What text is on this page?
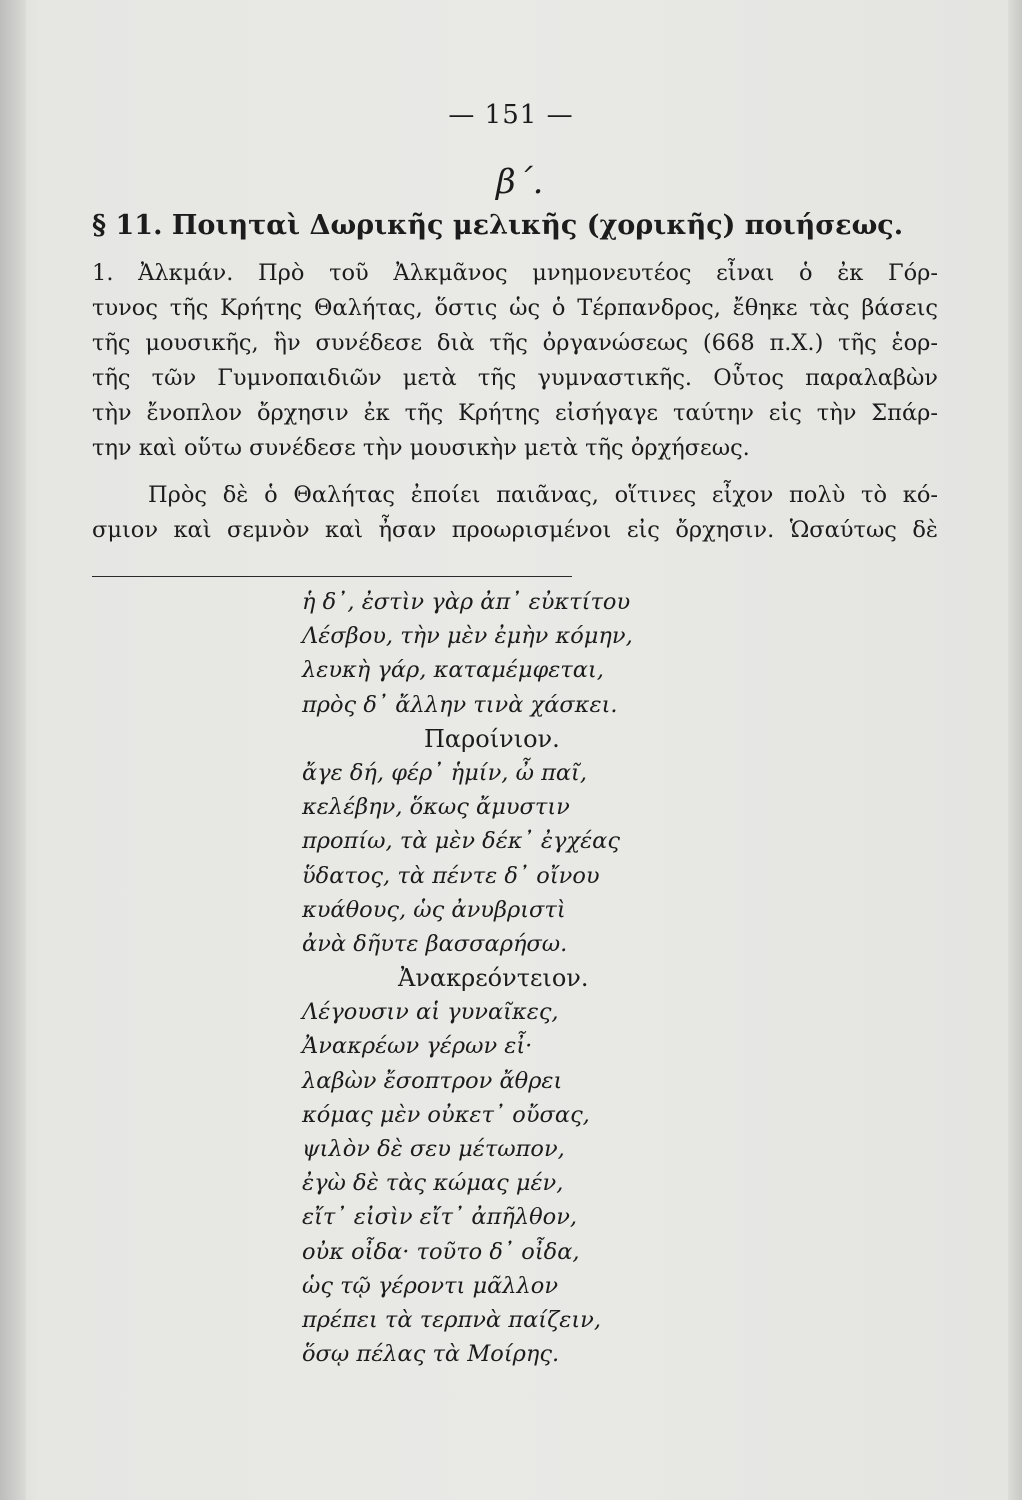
— 151 —
β´.
§ 11. Ποιηταὶ Δωρικῆς μελικῆς (χορικῆς) ποιήσεως.
1. Ἀλκμάν. Πρὸ τοῦ Ἀλκμᾶνος μνημονευτέος εἶναι ὁ ἐκ Γόρ-
τυνος τῆς Κρήτης Θαλήτας, ὅστις ὡς ὁ Τέρπανδρος, ἔθηκε τὰς βάσεις
τῆς μουσικῆς, ἣν συνέδεσε διὰ τῆς ὀργανώσεως (668 π.Χ.) τῆς ἑορ-
τῆς τῶν Γυμνοπαιδιῶν μετὰ τῆς γυμναστικῆς. Οὗτος παραλαβὼν
τὴν ἔνοπλον ὄρχησιν ἐκ τῆς Κρήτης εἰσήγαγε ταύτην εἰς τὴν Σπάρ-
την καὶ οὕτω συνέδεσε τὴν μουσικὴν μετὰ τῆς ὀρχήσεως.
Πρὸς δὲ ὁ Θαλήτας ἐποίει παιᾶνας, οἵτινες εἶχον πολὺ τὸ κό-
σμιον καὶ σεμνὸν καὶ ἦσαν προωρισμένοι εἰς ὄρχησιν. Ὡσαύτως δὲ
ἡ δ᾽, ἐστὶν γὰρ ἀπ᾽ εὐκτίτου
Λέσβου, τὴν μὲν ἐμὴν κόμην,
λευκὴ γάρ, καταμέμφεται,
πρὸς δ᾽ ἄλλην τινὰ χάσκει.
Παροίνιον.
ἄγε δή, φέρ᾽ ἡμίν, ὦ παῖ,
κελέβην, ὅκως ἄμυστιν
προπίω, τὰ μὲν δέκ᾽ ἐγχέας
ὕδατος, τὰ πέντε δ᾽ οἴνου
κυάθους, ὡς ἀνυβριστὶ
ἀνὰ δῆυτε βασσαρήσω.
Ἀνακρεόντειον.
Λέγουσιν αἱ γυναῖκες,
Ἀνακρέων γέρων εἶ·
λαβὼν ἔσοπτρον ἄθρει
κόμας μὲν οὐκετ᾽ οὔσας,
ψιλὸν δὲ σευ μέτωπον,
ἐγὼ δὲ τὰς κώμας μέν,
εἴτ᾽ εἰσὶν εἴτ᾽ ἀπῆλθον,
οὐκ οἶδα· τοῦτο δ᾽ οἶδα,
ὡς τῷ γέροντι μᾶλλον
πρέπει τὰ τερπνὰ παίζειν,
ὅσῳ πέλας τὰ Μοίρης.
